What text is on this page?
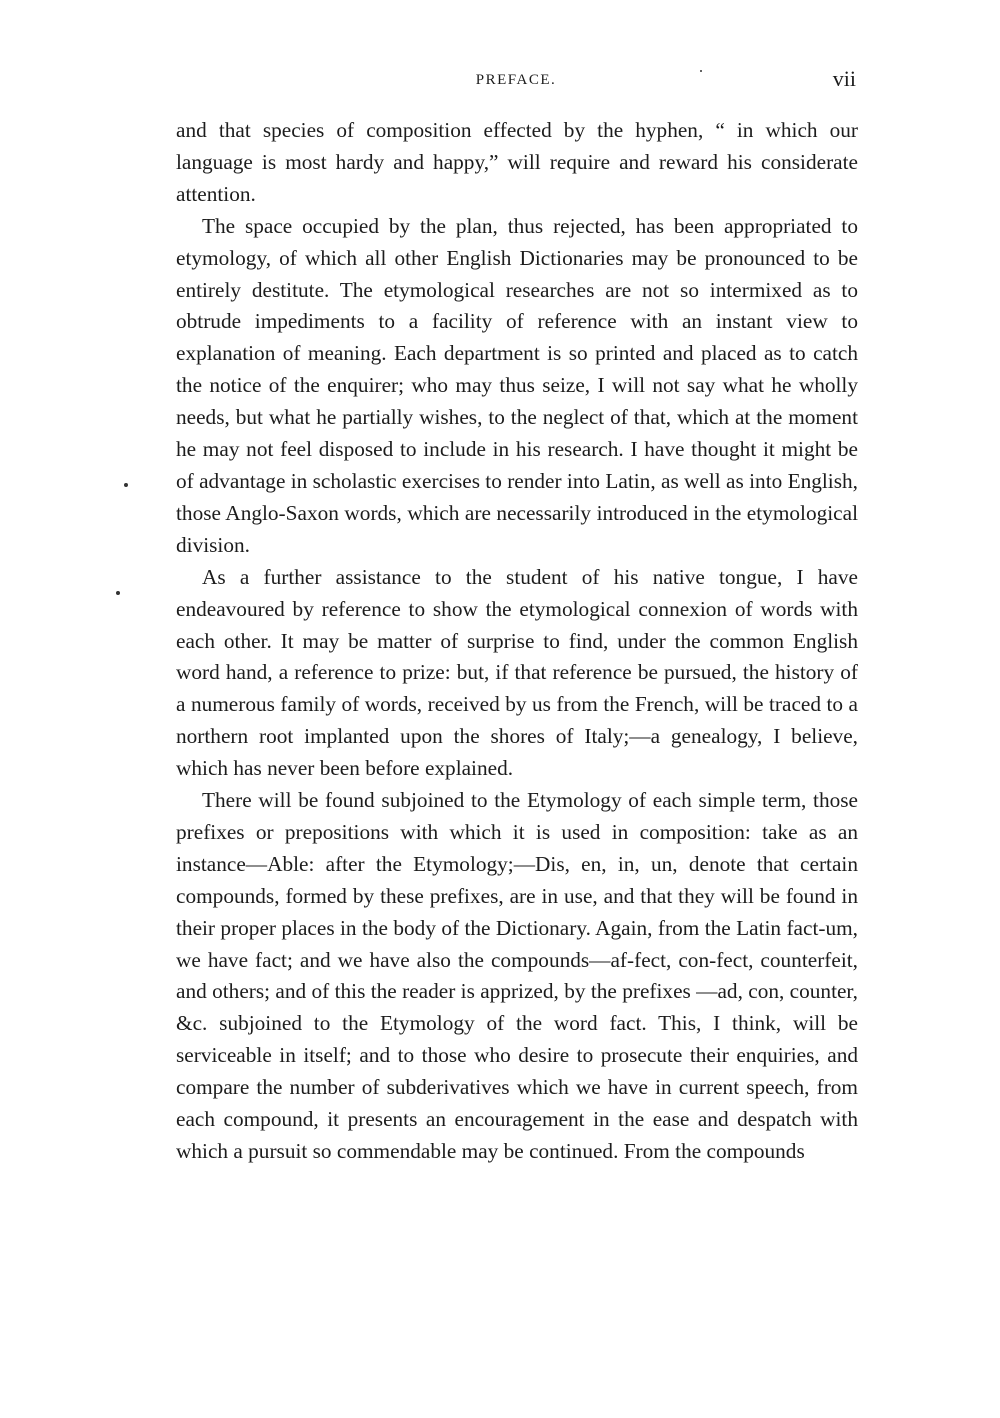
PREFACE.	vii

and that species of composition effected by the hyphen, “ in which our language is most hardy and happy,” will require and reward his considerate attention.

The space occupied by the plan, thus rejected, has been appropriated to etymology, of which all other English Dictionaries may be pronounced to be entirely destitute. The etymological researches are not so intermixed as to obtrude impediments to a facility of reference with an instant view to explanation of meaning. Each department is so printed and placed as to catch the notice of the enquirer; who may thus seize, I will not say what he wholly needs, but what he partially wishes, to the neglect of that, which at the moment he may not feel disposed to include in his research. I have thought it might be of advantage in scholastic exercises to render into Latin, as well as into English, those Anglo-Saxon words, which are necessarily introduced in the etymological division.

As a further assistance to the student of his native tongue, I have endeavoured by reference to show the etymological connexion of words with each other. It may be matter of surprise to find, under the common English word hand, a reference to prize: but, if that reference be pursued, the history of a numerous family of words, received by us from the French, will be traced to a northern root implanted upon the shores of Italy;—a genealogy, I believe, which has never been before explained.

There will be found subjoined to the Etymology of each simple term, those prefixes or prepositions with which it is used in composition: take as an instance—Able: after the Etymology;—Dis, en, in, un, denote that certain compounds, formed by these prefixes, are in use, and that they will be found in their proper places in the body of the Dictionary. Again, from the Latin fact-um, we have fact; and we have also the compounds—af-fect, con-fect, counterfeit, and others; and of this the reader is apprized, by the prefixes —ad, con, counter, &c. subjoined to the Etymology of the word fact. This, I think, will be serviceable in itself; and to those who desire to prosecute their enquiries, and compare the number of subderivatives which we have in current speech, from each compound, it presents an encouragement in the ease and despatch with which a pursuit so commendable may be continued. From the compounds
